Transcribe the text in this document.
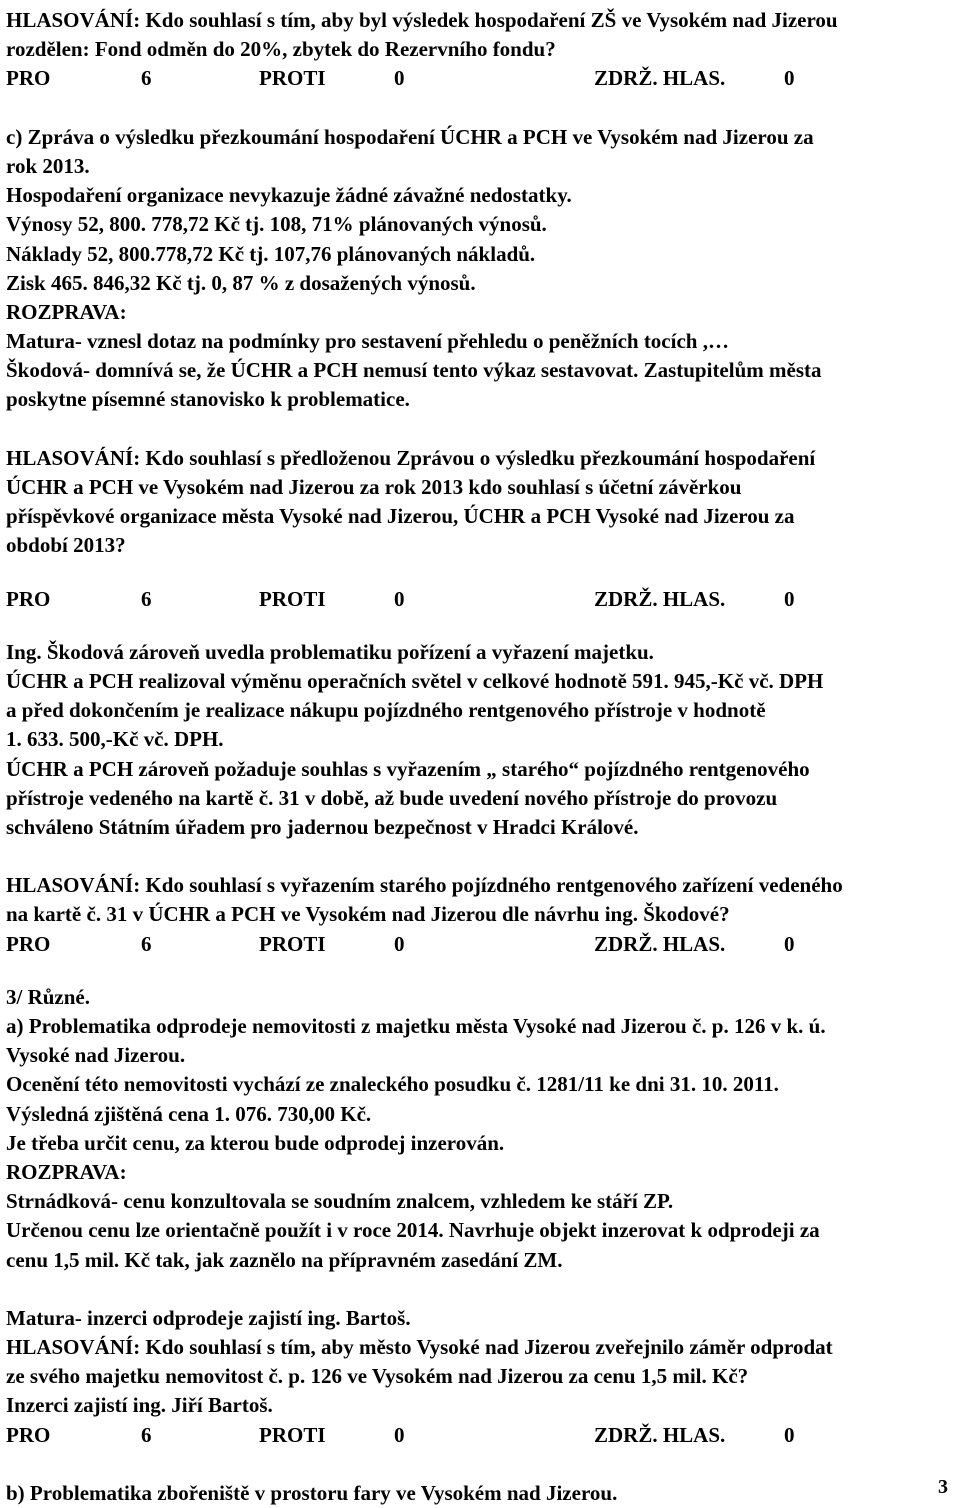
HLASOVÁNÍ: Kdo souhlasí s tím, aby byl výsledek hospodaření ZŠ ve Vysokém nad Jizerou
rozdělen: Fond odměn do 20%, zbytek do Rezervního fondu?
PRO	6	PROTI	0	ZDRŽ. HLAS.	0
c) Zpráva o výsledku přezkoumání hospodaření ÚCHR a PCH ve Vysokém nad Jizerou za
rok 2013.
Hospodaření organizace nevykazuje žádné závažné nedostatky.
Výnosy 52, 800. 778,72 Kč tj. 108, 71% plánovaných výnosů.
Náklady 52, 800.778,72 Kč tj. 107,76 plánovaných nákladů.
Zisk 465. 846,32 Kč tj. 0, 87 % z dosažených výnosů.
ROZPRAVA:
Matura- vznesl dotaz na podmínky pro sestavení přehledu o peněžních tocích ,…
Škodová- domnívá se, že ÚCHR a PCH nemusí tento výkaz sestavovat. Zastupitelům města
poskytne písemné stanovisko k problematice.
HLASOVÁNÍ: Kdo souhlasí s předloženou Zprávou o výsledku přezkoumání hospodaření
ÚCHR a PCH ve Vysokém nad Jizerou za rok 2013 kdo souhlasí s účetní závěrkou
příspěvkové organizace města Vysoké nad Jizerou, ÚCHR a PCH Vysoké nad Jizerou za
období 2013?
PRO	6	PROTI	0	ZDRŽ. HLAS.	0
Ing. Škodová zároveň uvedla problematiku pořízení a vyřazení majetku.
ÚCHR a PCH realizoval výměnu operačních světel v celkové hodnotě 591. 945,-Kč vč. DPH
a před dokončením je realizace nákupu pojízdného rentgenového přístroje v hodnotě
1. 633. 500,-Kč vč. DPH.
ÚCHR a PCH zároveň požaduje souhlas s vyřazením „ starého“ pojízdného rentgenového
přístroje vedeného na kartě č. 31 v době, až bude uvedení nového přístroje do provozu
schváleno Státním úřadem pro jadernou bezpečnost v Hradci Králové.
HLASOVÁNÍ: Kdo souhlasí s vyřazením starého pojízdného rentgenového zařízení vedeného
na kartě č. 31 v ÚCHR a PCH ve Vysokém nad Jizerou dle návrhu ing. Škodové?
PRO	6	PROTI	0	ZDRŽ. HLAS.	0
3/ Různé.
a) Problematika odprodeje nemovitosti z majetku města Vysoké nad Jizerou č. p. 126 v k. ú.
Vysoké nad Jizerou.
Ocenění této nemovitosti vychází ze znaleckého posudku č. 1281/11 ke dni 31. 10. 2011.
Výsledná zjištěná cena 1. 076. 730,00 Kč.
Je třeba určit cenu, za kterou bude odprodej inzerován.
ROZPRAVA:
Strnádková- cenu konzultovala se soudním znalcem, vzhledem ke stáří ZP.
Určenou cenu lze orientačně použít i v roce 2014. Navrhuje objekt inzerovat k odprodeji za
cenu 1,5 mil. Kč tak, jak zaznělo na přípravném zasedání ZM.
Matura- inzerci odprodeje zajistí ing. Bartoš.
HLASOVÁNÍ: Kdo souhlasí s tím, aby město Vysoké nad Jizerou zveřejnilo záměr odprodat
ze svého majetku nemovitost č. p. 126 ve Vysokém nad Jizerou za cenu 1,5 mil. Kč?
Inzerci zajistí ing. Jiří Bartoš.
PRO	6	PROTI	0	ZDRŽ. HLAS.	0
b) Problematika zbořeniště v prostoru fary ve Vysokém nad Jizerou.	3
